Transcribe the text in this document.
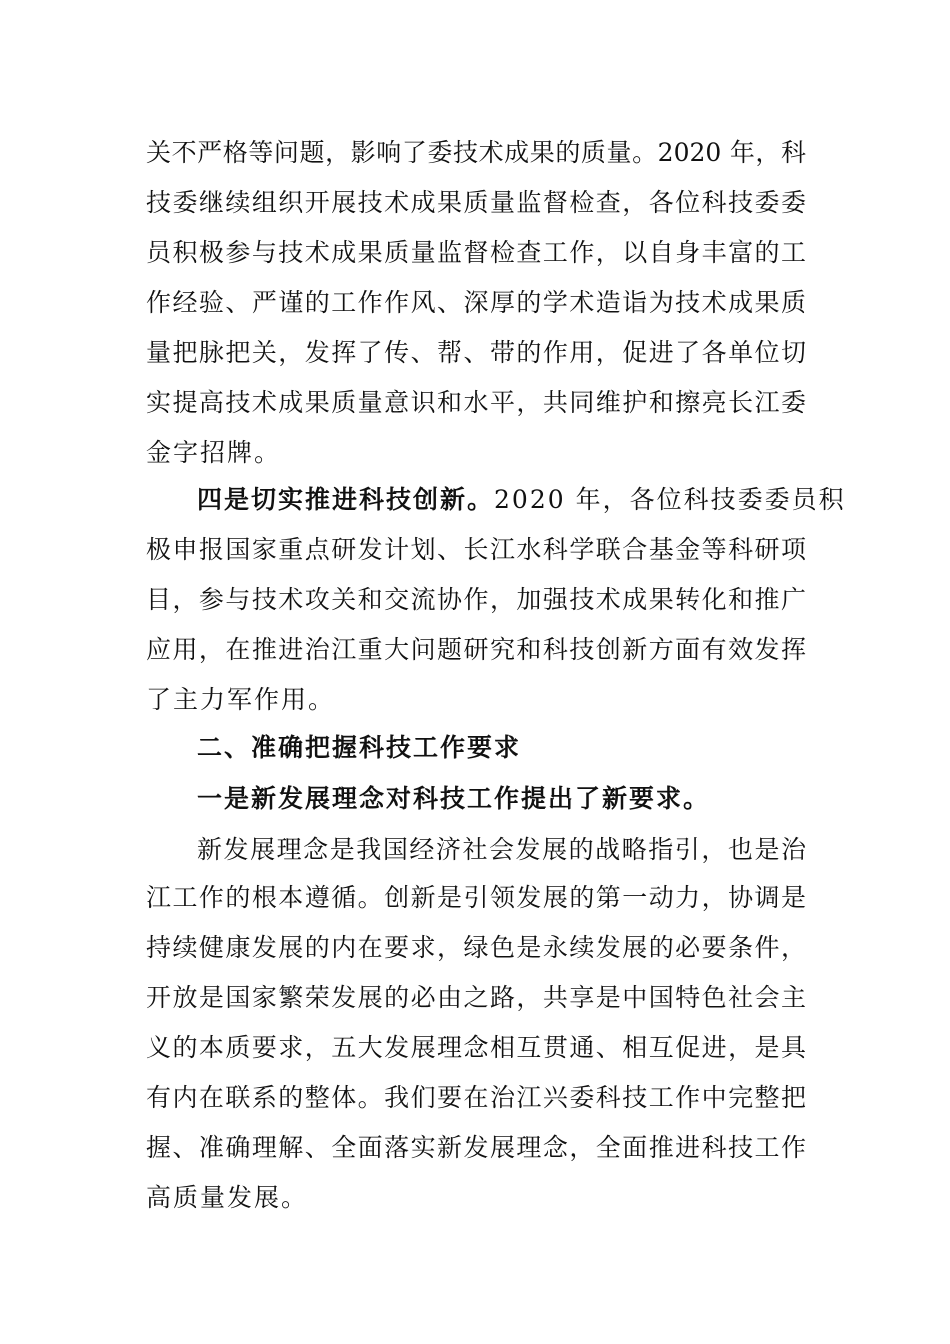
关不严格等问题，影响了委技术成果的质量。2020 年，科
技委继续组织开展技术成果质量监督检查，各位科技委委
员积极参与技术成果质量监督检查工作，以自身丰富的工
作经验、严谨的工作作风、深厚的学术造诣为技术成果质
量把脉把关，发挥了传、帮、带的作用，促进了各单位切
实提高技术成果质量意识和水平，共同维护和擦亮长江委
金字招牌。
四是切实推进科技创新。2020 年，各位科技委委员积
极申报国家重点研发计划、长江水科学联合基金等科研项
目，参与技术攻关和交流协作，加强技术成果转化和推广
应用，在推进治江重大问题研究和科技创新方面有效发挥
了主力军作用。
二、准确把握科技工作要求
一是新发展理念对科技工作提出了新要求。
新发展理念是我国经济社会发展的战略指引，也是治
江工作的根本遵循。创新是引领发展的第一动力，协调是
持续健康发展的内在要求，绿色是永续发展的必要条件，
开放是国家繁荣发展的必由之路，共享是中国特色社会主
义的本质要求，五大发展理念相互贯通、相互促进，是具
有内在联系的整体。我们要在治江兴委科技工作中完整把
握、准确理解、全面落实新发展理念，全面推进科技工作
高质量发展。
